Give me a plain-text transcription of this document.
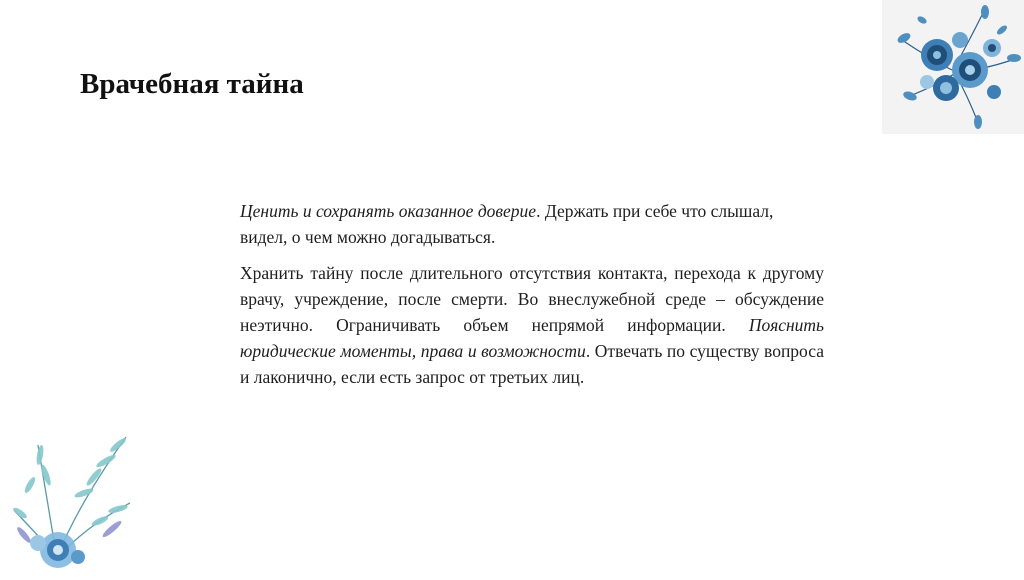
Врачебная тайна

Ценить и сохранять оказанное доверие. Держать при себе что слышал, видел, о чем можно догадываться.

Хранить тайну после длительного отсутствия контакта, перехода к другому врачу, учреждение, после смерти. Во внеслужебной среде – обсуждение неэтично. Ограничивать объем непрямой информации. Пояснить юридические моменты, права и возможности. Отвечать по существу вопроса и лаконично, если есть запрос от третьих лиц.
